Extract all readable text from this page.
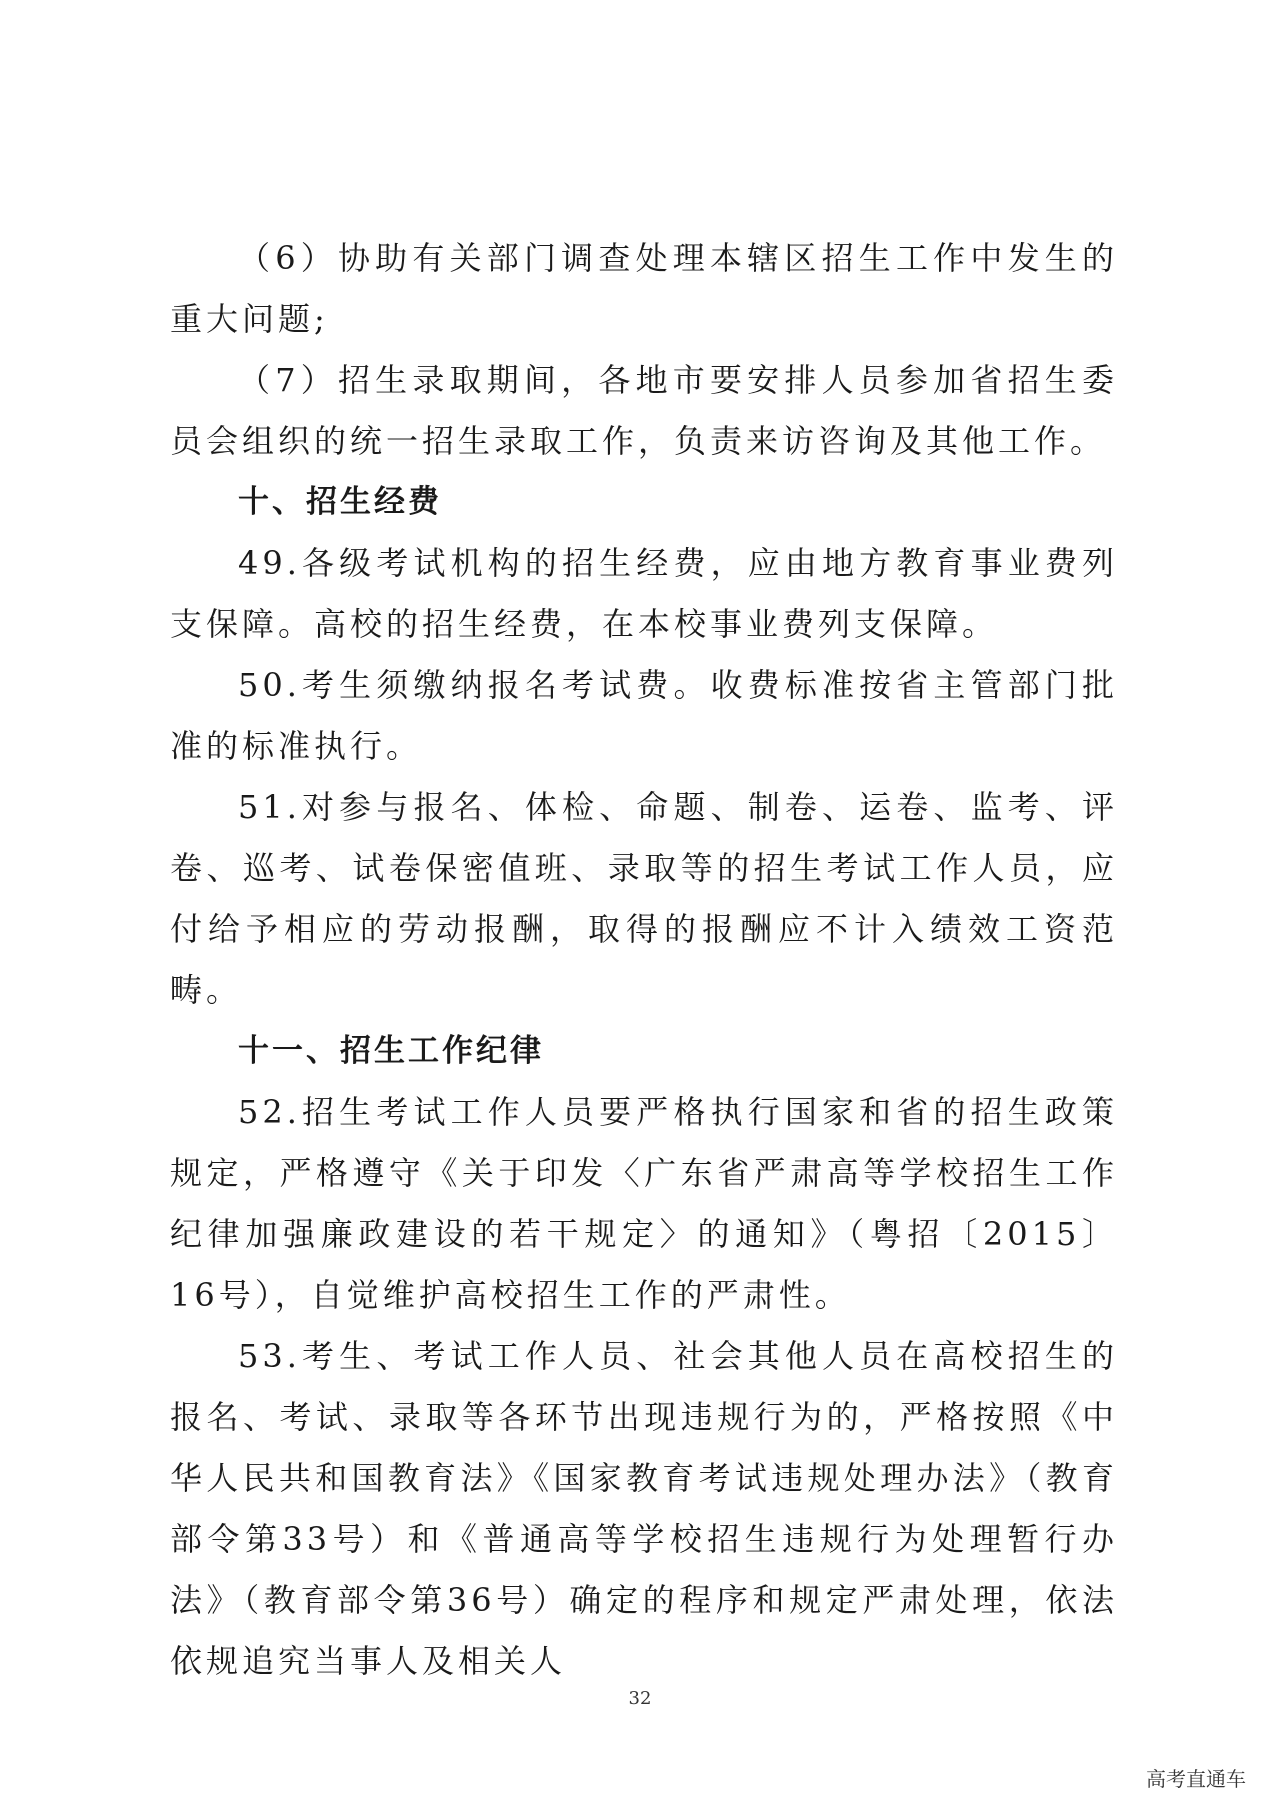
（6）协助有关部门调查处理本辖区招生工作中发生的重大问题;

（7）招生录取期间，各地市要安排人员参加省招生委员会组织的统一招生录取工作，负责来访咨询及其他工作。

十、招生经费

49.各级考试机构的招生经费，应由地方教育事业费列支保障。高校的招生经费，在本校事业费列支保障。

50.考生须缴纳报名考试费。收费标准按省主管部门批准的标准执行。

51.对参与报名、体检、命题、制卷、运卷、监考、评卷、巡考、试卷保密值班、录取等的招生考试工作人员，应付给予相应的劳动报酬，取得的报酬应不计入绩效工资范畴。

十一、招生工作纪律

52.招生考试工作人员要严格执行国家和省的招生政策规定，严格遵守《关于印发〈广东省严肃高等学校招生工作纪律加强廉政建设的若干规定〉的通知》（粤招〔2015〕16号），自觉维护高校招生工作的严肃性。

53.考生、考试工作人员、社会其他人员在高校招生的报名、考试、录取等各环节出现违规行为的，严格按照《中华人民共和国教育法》《国家教育考试违规处理办法》（教育部令第33号）和《普通高等学校招生违规行为处理暂行办法》（教育部令第36号）确定的程序和规定严肃处理，依法依规追究当事人及相关人

32
高考直通车
